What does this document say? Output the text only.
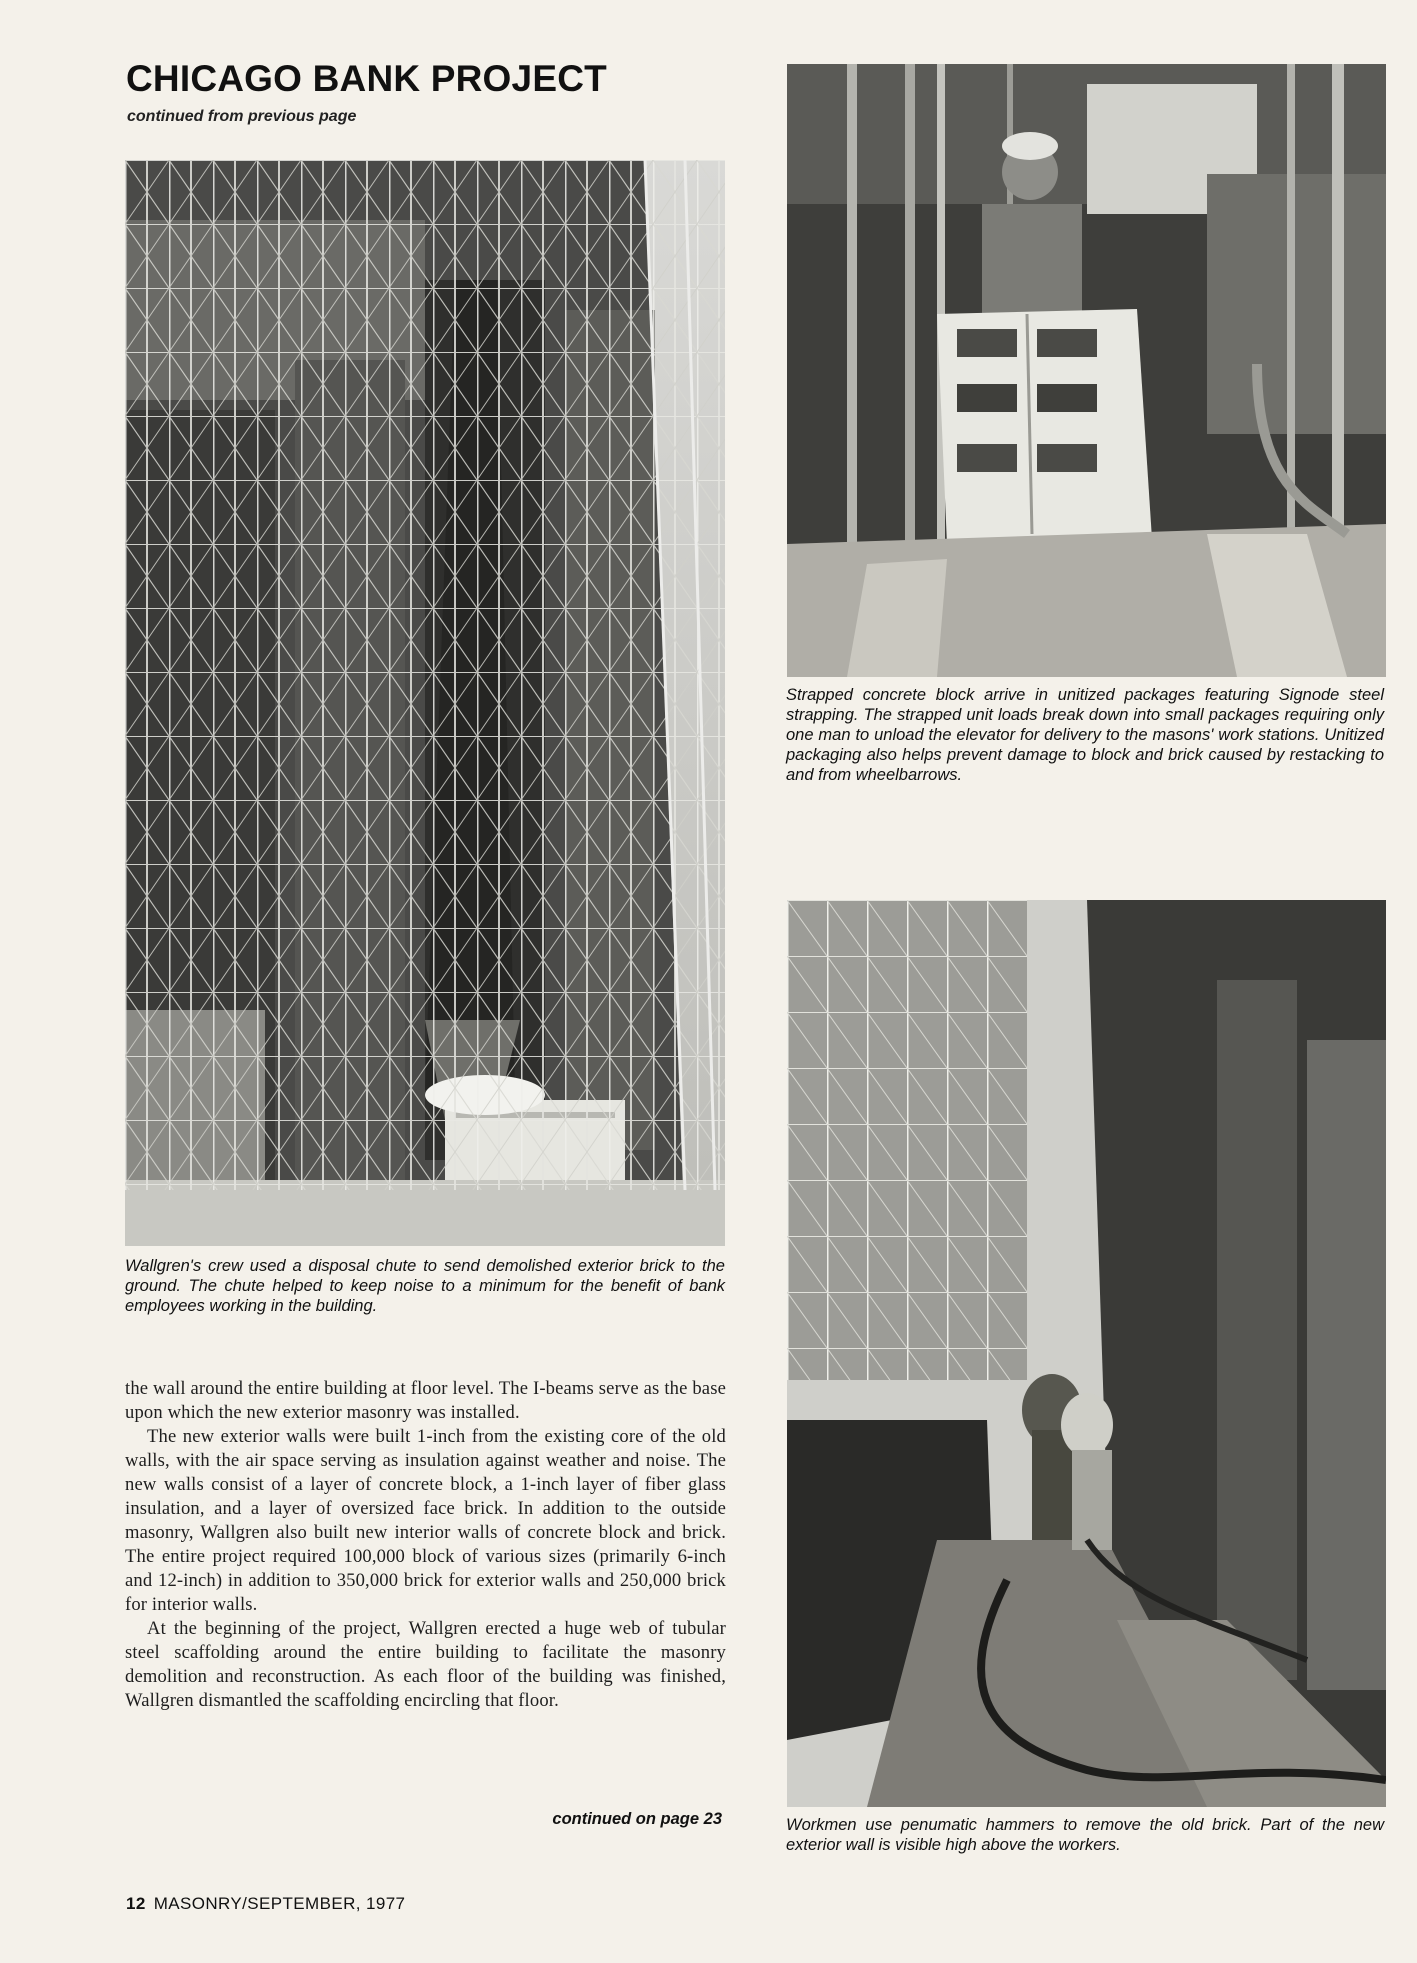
CHICAGO BANK PROJECT
continued from previous page
Wallgren's crew used a disposal chute to send demolished exterior brick to the ground. The chute helped to keep noise to a minimum for the benefit of bank employees working in the building.
Strapped concrete block arrive in unitized packages featuring Signode steel strapping. The strapped unit loads break down into small packages requiring only one man to unload the elevator for delivery to the masons' work stations. Unitized packaging also helps prevent damage to block and brick caused by restacking to and from wheelbarrows.
Workmen use penumatic hammers to remove the old brick. Part of the new exterior wall is visible high above the workers.

the wall around the entire building at floor level. The I-beams serve as the base upon which the new exterior masonry was installed.

The new exterior walls were built 1-inch from the existing core of the old walls, with the air space serving as insulation against weather and noise. The new walls consist of a layer of concrete block, a 1-inch layer of fiber glass insulation, and a layer of oversized face brick. In addition to the outside masonry, Wallgren also built new interior walls of concrete block and brick. The entire project required 100,000 block of various sizes (primarily 6-inch and 12-inch) in addition to 350,000 brick for exterior walls and 250,000 brick for interior walls.

At the beginning of the project, Wallgren erected a huge web of tubular steel scaffolding around the entire building to facilitate the masonry demolition and reconstruction. As each floor of the building was finished, Wallgren dismantled the scaffolding encircling that floor.

continued on page 23
12 MASONRY/SEPTEMBER, 1977
